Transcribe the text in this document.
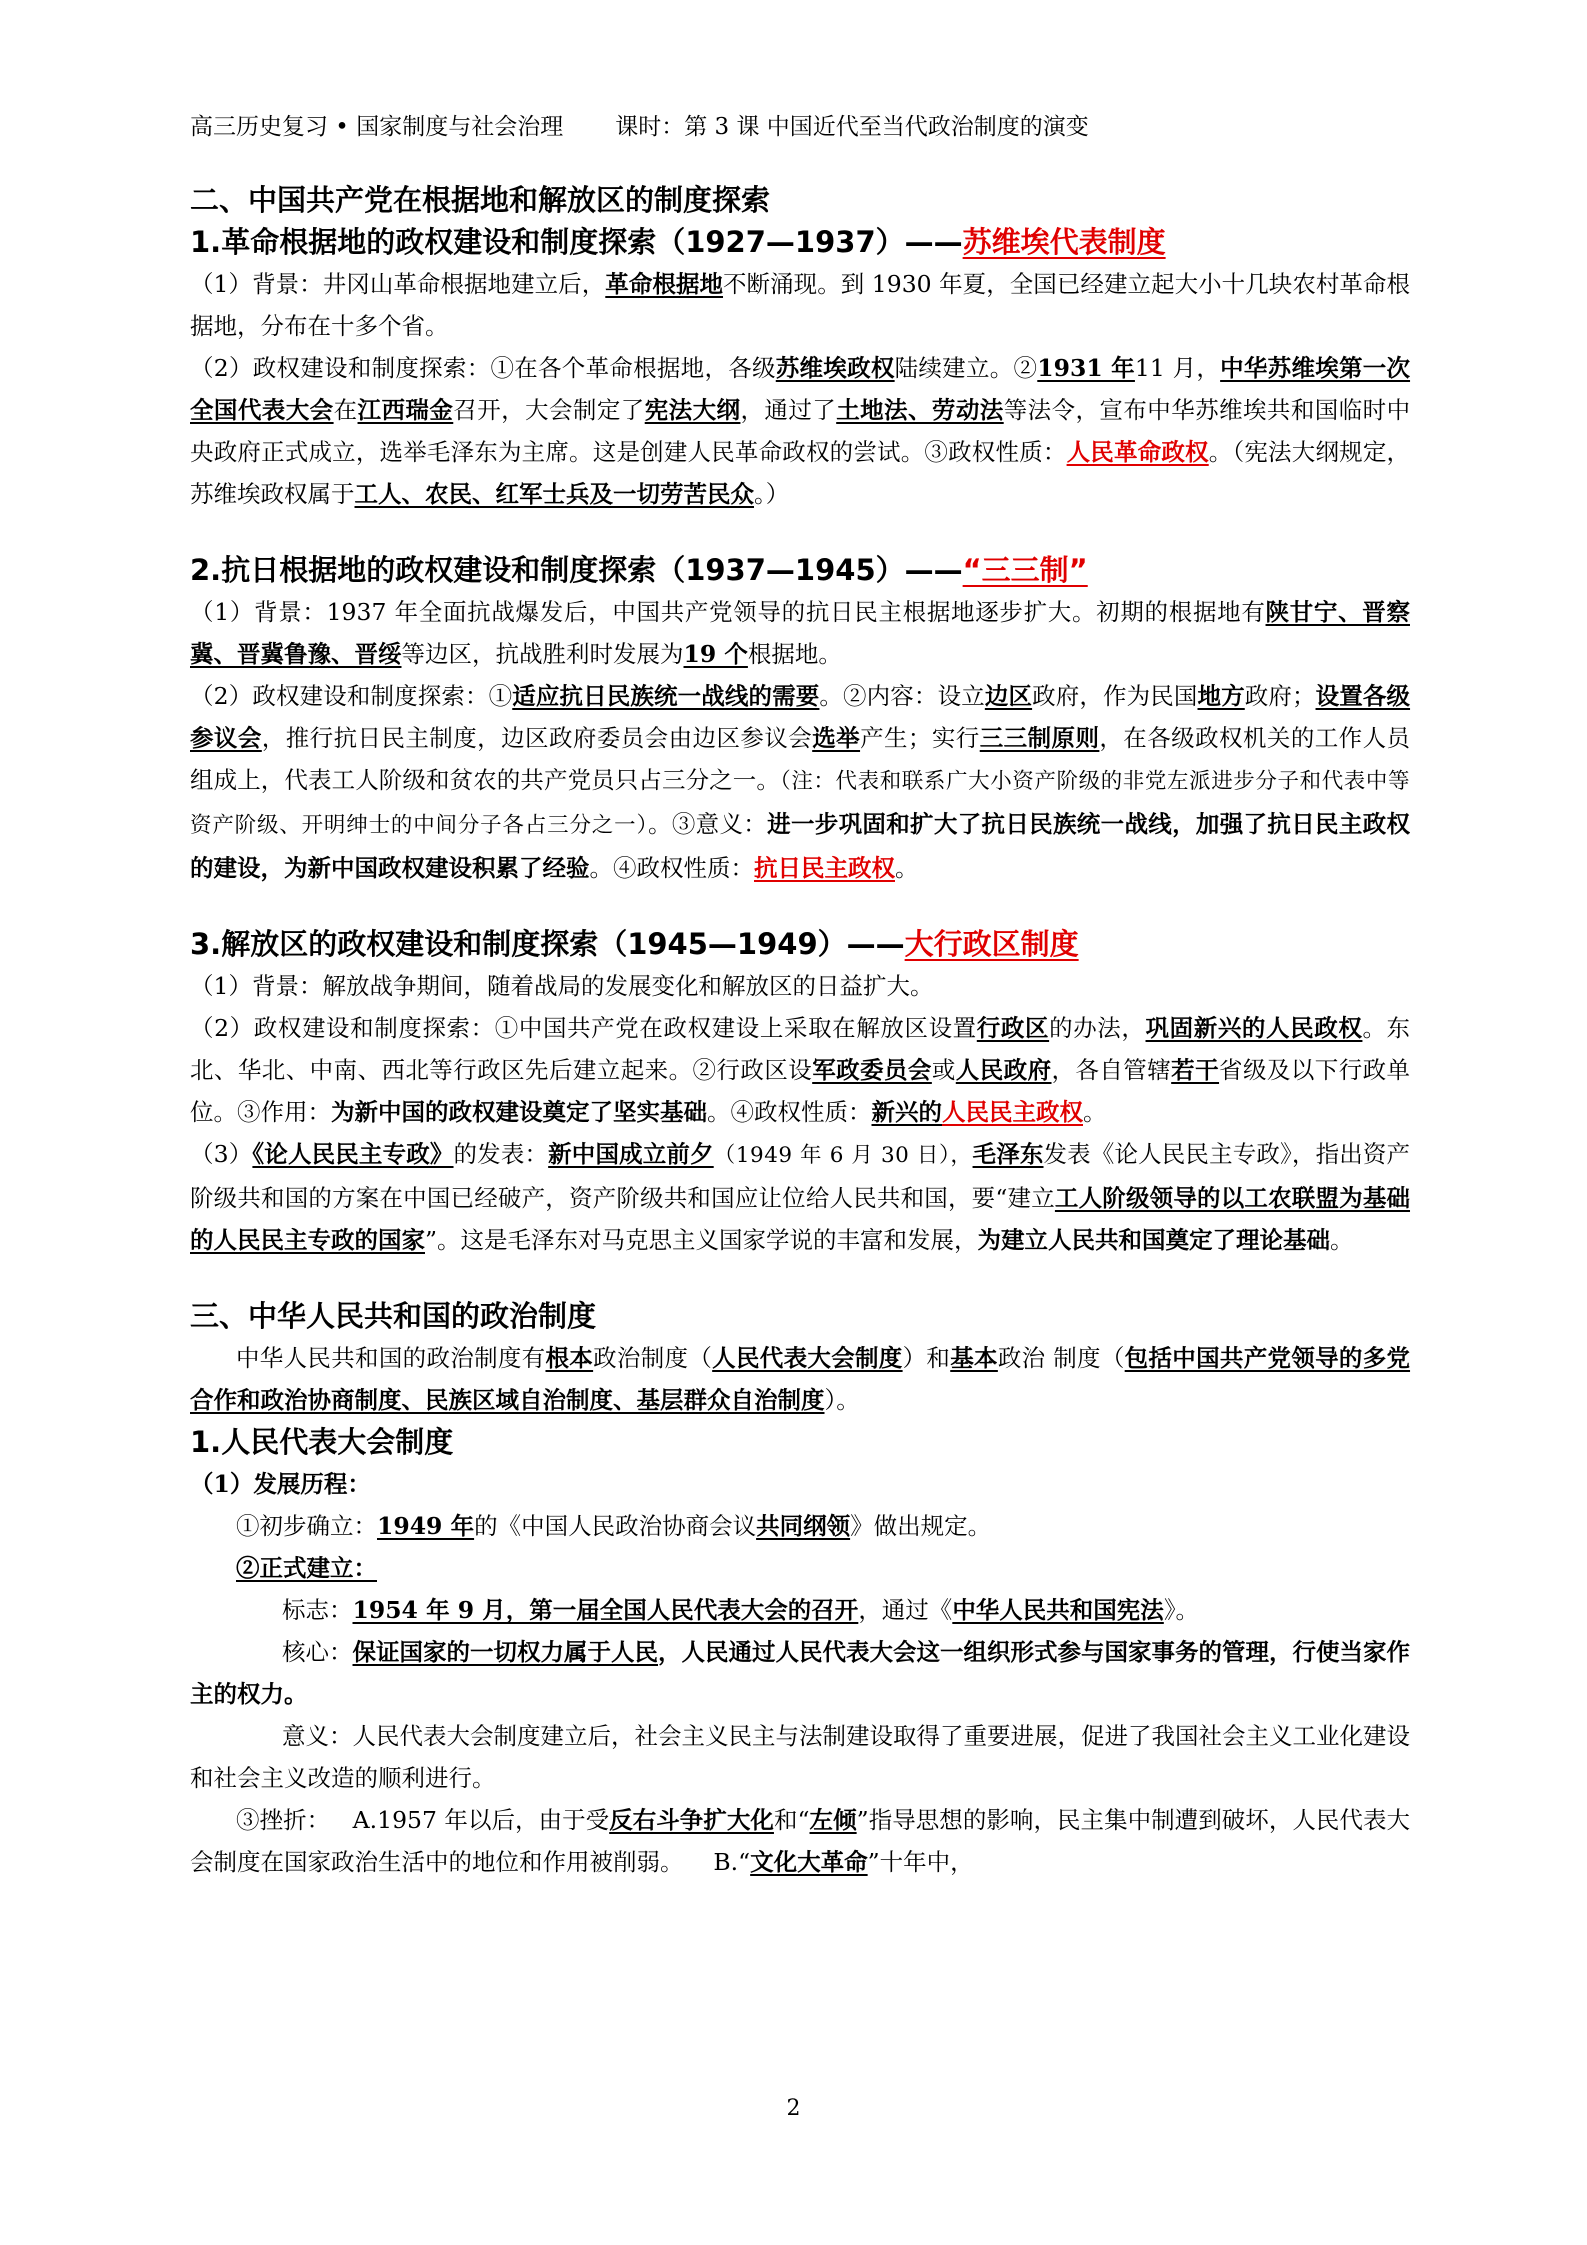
高三历史复习 • 国家制度与社会治理 课时：第 3 课 中国近代至当代政治制度的演变
二、中国共产党在根据地和解放区的制度探索
1.革命根据地的政权建设和制度探索（1927—1937）——苏维埃代表制度

（1）背景：井冈山革命根据地建立后，革命根据地不断涌现。到 1930 年夏，全国已经建立起大小十几块农村革命根据地，分布在十多个省。

（2）政权建设和制度探索：①在各个革命根据地，各级苏维埃政权陆续建立。②1931 年11 月，中华苏维埃第一次全国代表大会在江西瑞金召开，大会制定了宪法大纲，通过了土地法、劳动法等法令，宣布中华苏维埃共和国临时中央政府正式成立，选举毛泽东为主席。这是创建人民革命政权的尝试。③政权性质：人民革命政权。（宪法大纲规定，苏维埃政权属于工人、农民、红军士兵及一切劳苦民众。）

2.抗日根据地的政权建设和制度探索（1937—1945）——“三三制”

（1）背景：1937 年全面抗战爆发后，中国共产党领导的抗日民主根据地逐步扩大。初期的根据地有陕甘宁、晋察冀、晋冀鲁豫、晋绥等边区，抗战胜利时发展为19 个根据地。

（2）政权建设和制度探索：①适应抗日民族统一战线的需要。②内容：设立边区政府，作为民国地方政府；设置各级参议会，推行抗日民主制度，边区政府委员会由边区参议会选举产生；实行三三制原则，在各级政权机关的工作人员组成上，代表工人阶级和贫农的共产党员只占三分之一。（注：代表和联系广大小资产阶级的非党左派进步分子和代表中等资产阶级、开明绅士的中间分子各占三分之一）。③意义：进一步巩固和扩大了抗日民族统一战线，加强了抗日民主政权的建设，为新中国政权建设积累了经验。④政权性质：抗日民主政权。

3.解放区的政权建设和制度探索（1945—1949）——大行政区制度

（1）背景：解放战争期间，随着战局的发展变化和解放区的日益扩大。

（2）政权建设和制度探索：①中国共产党在政权建设上采取在解放区设置行政区的办法，巩固新兴的人民政权。东北、华北、中南、西北等行政区先后建立起来。②行政区设军政委员会或人民政府，各自管辖若干省级及以下行政单位。③作用：为新中国的政权建设奠定了坚实基础。④政权性质：新兴的人民民主政权。

（3）《论人民民主专政》的发表：新中国成立前夕（1949 年 6 月 30 日），毛泽东发表《论人民民主专政》，指出资产阶级共和国的方案在中国已经破产，资产阶级共和国应让位给人民共和国，要“建立工人阶级领导的以工农联盟为基础的人民民主专政的国家”。这是毛泽东对马克思主义国家学说的丰富和发展，为建立人民共和国奠定了理论基础。

三、中华人民共和国的政治制度

中华人民共和国的政治制度有根本政治制度（人民代表大会制度）和基本政治 制度（包括中国共产党领导的多党合作和政治协商制度、民族区域自治制度、基层群众自治制度）。

1.人民代表大会制度

（1）发展历程：

①初步确立：1949 年的《中国人民政治协商会议共同纲领》做出规定。

②正式建立：

标志：1954 年 9 月，第一届全国人民代表大会的召开，通过《中华人民共和国宪法》。

核心：保证国家的一切权力属于人民，人民通过人民代表大会这一组织形式参与国家事务的管理，行使当家作主的权力。

意义：人民代表大会制度建立后，社会主义民主与法制建设取得了重要进展，促进了我国社会主义工业化建设和社会主义改造的顺利进行。

③挫折：   A.1957 年以后，由于受反右斗争扩大化和“左倾”指导思想的影响，民主集中制遭到破坏，人民代表大会制度在国家政治生活中的地位和作用被削弱。    B.“文化大革命”十年中，

2
